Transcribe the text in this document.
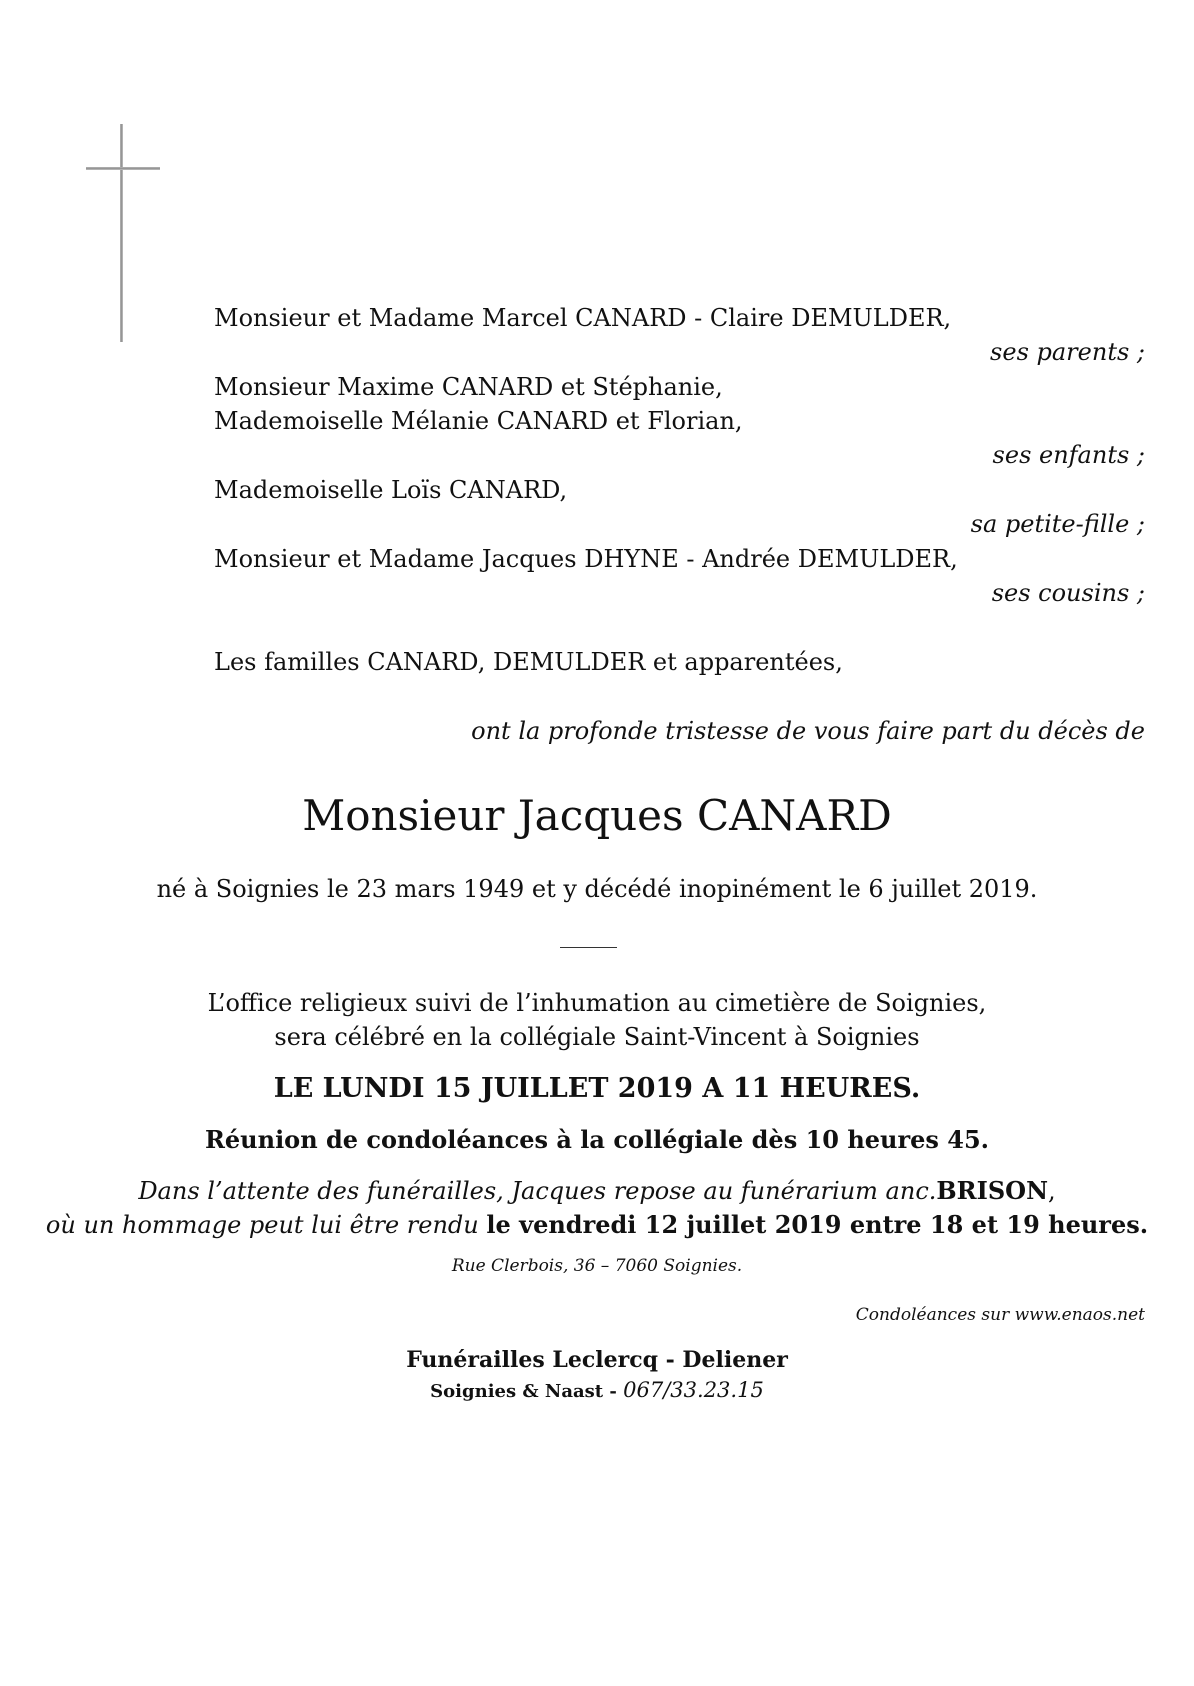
Monsieur et Madame Marcel CANARD - Claire DEMULDER,
ses parents ;
Monsieur Maxime CANARD et Stéphanie,
Mademoiselle Mélanie CANARD et Florian,
ses enfants ;
Mademoiselle Loïs CANARD,
sa petite-fille ;
Monsieur et Madame Jacques DHYNE - Andrée DEMULDER,
ses cousins ;
Les familles CANARD, DEMULDER et apparentées,
ont la profonde tristesse de vous faire part du décès de
Monsieur Jacques CANARD
né à Soignies le 23 mars 1949 et y décédé inopinément le 6 juillet 2019.
L’office religieux suivi de l’inhumation au cimetière de Soignies,
sera célébré en la collégiale Saint-Vincent à Soignies
LE LUNDI 15 JUILLET 2019 A 11 HEURES.
Réunion de condoléances à la collégiale dès 10 heures 45.
Dans l’attente des funérailles, Jacques repose au funérarium anc.BRISON,
où un hommage peut lui être rendu le vendredi 12 juillet 2019 entre 18 et 19 heures.
Rue Clerbois, 36 – 7060 Soignies.
Condoléances sur www.enaos.net
Funérailles Leclercq - Deliener
Soignies & Naast - 067/33.23.15
